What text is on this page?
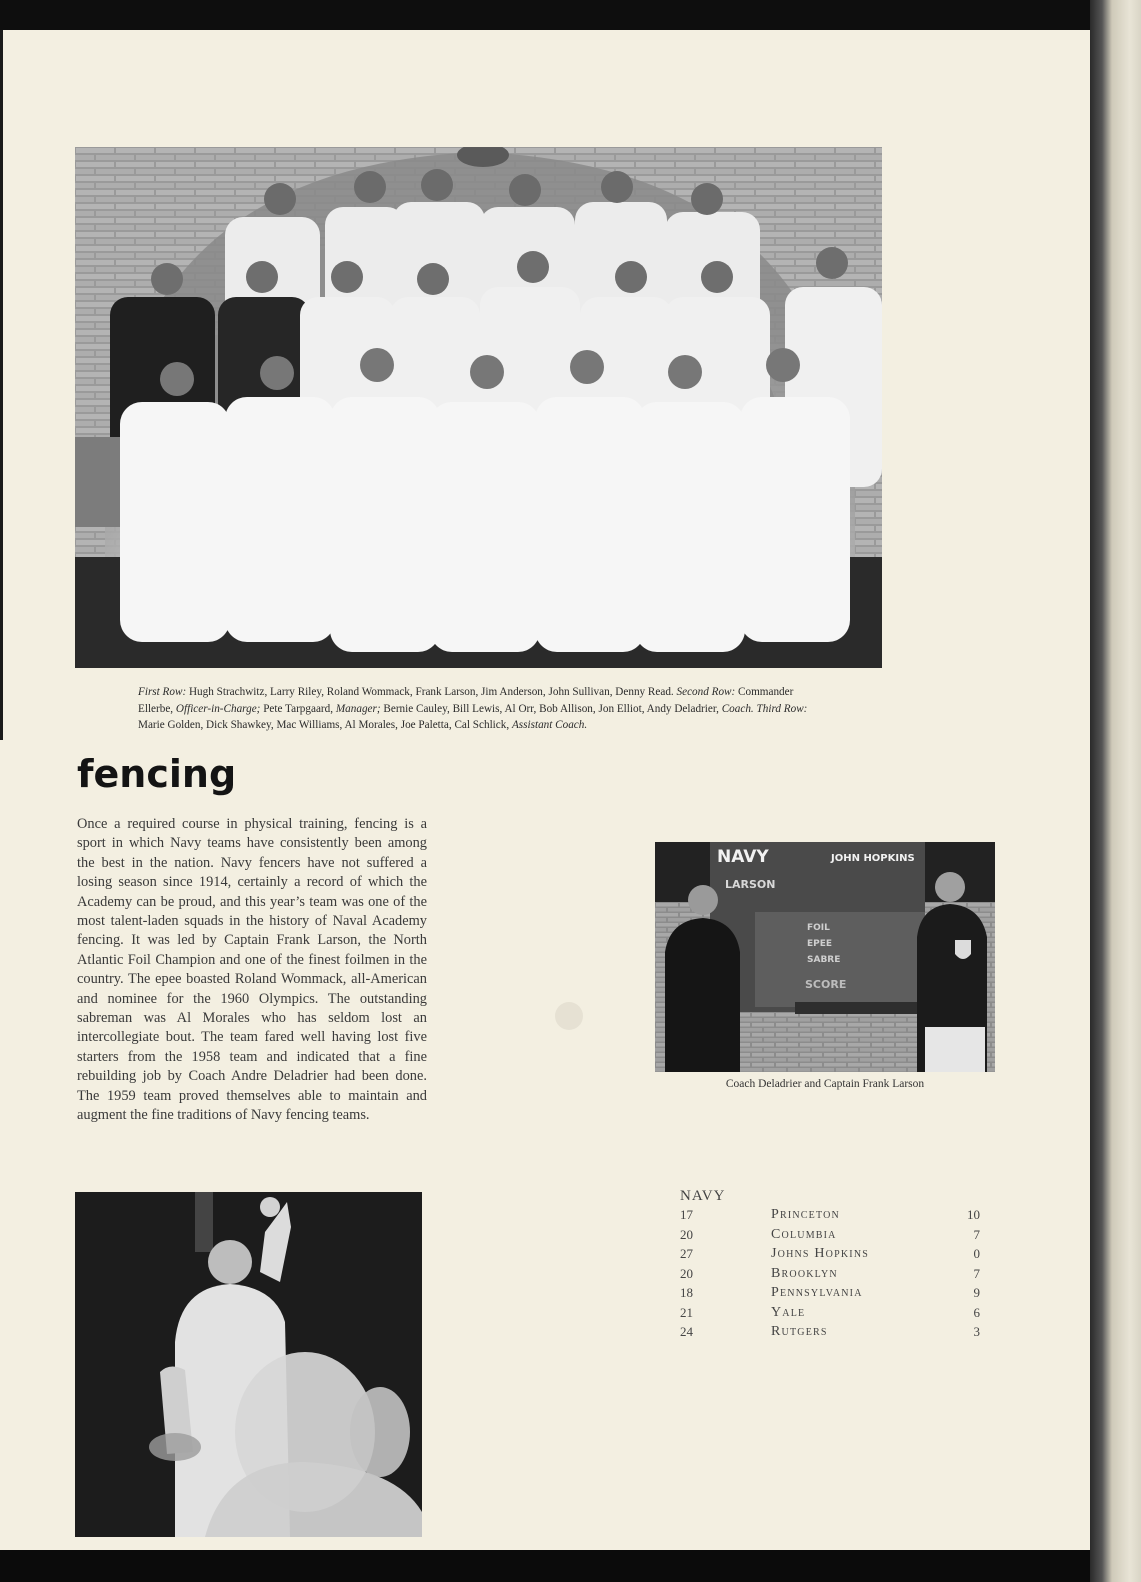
First Row: Hugh Strachwitz, Larry Riley, Roland Wommack, Frank Larson, Jim Anderson, John Sullivan, Denny Read. Second Row: Commander Ellerbe, Officer-in-Charge; Pete Tarpgaard, Manager; Bernie Cauley, Bill Lewis, Al Orr, Bob Allison, Jon Elliot, Andy Deladrier, Coach. Third Row: Marie Golden, Dick Shawkey, Mac Williams, Al Morales, Joe Paletta, Cal Schlick, Assistant Coach.
fencing
Once a required course in physical training, fencing is a sport in which Navy teams have consistently been among the best in the nation. Navy fencers have not suffered a losing season since 1914, certainly a record of which the Academy can be proud, and this year’s team was one of the most talent-laden squads in the history of Naval Academy fencing. It was led by Captain Frank Larson, the North Atlantic Foil Champion and one of the finest foilmen in the country. The epee boasted Roland Wommack, all-American and nominee for the 1960 Olympics. The outstanding sabreman was Al Morales who has seldom lost an intercollegiate bout. The team fared well having lost five starters from the 1958 team and indicated that a fine rebuilding job by Coach Andre Deladrier had been done. The 1959 team proved themselves able to maintain and augment the fine traditions of Navy fencing teams.
NAVY	JOHN HOPKINS
LARSON
FOIL
EPEE
SABRE
SCORE
Coach Deladrier and Captain Frank Larson
NAVY
17	Princeton	10
20	Columbia	7
27	Johns Hopkins	0
20	Brooklyn	7
18	Pennsylvania	9
21	Yale	6
24	Rutgers	3
